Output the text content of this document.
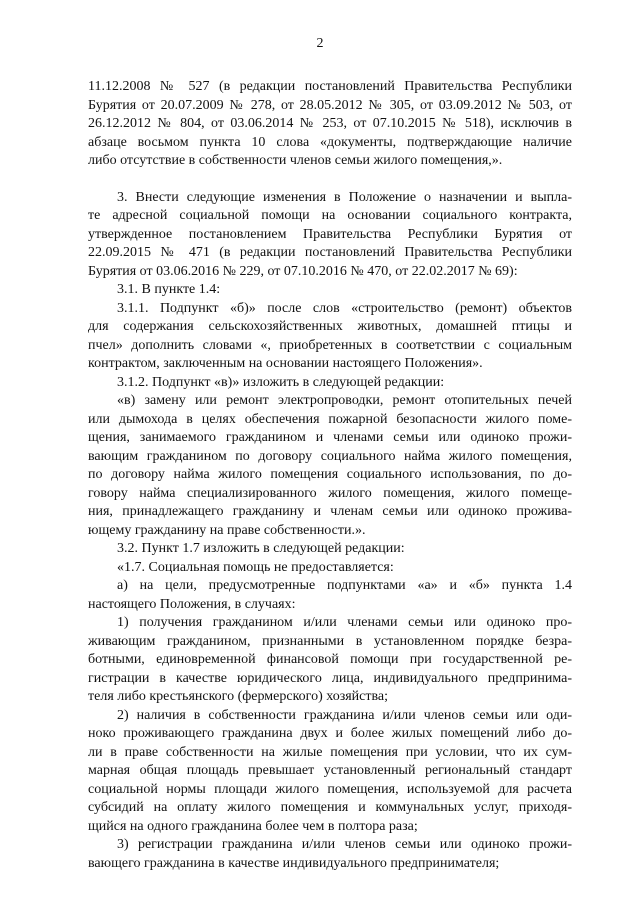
2
11.12.2008 № 527 (в редакции постановлений Правительства Республики
Бурятия от 20.07.2009 № 278, от 28.05.2012 № 305, от 03.09.2012 № 503, от
26.12.2012 № 804, от 03.06.2014 № 253, от 07.10.2015 № 518), исключив в
абзаце восьмом пункта 10 слова «документы, подтверждающие наличие
либо отсутствие в собственности членов семьи жилого помещения,».
3. Внести следующие изменения в Положение о назначении и выпла-
те адресной социальной помощи на основании социального контракта,
утвержденное постановлением Правительства Республики Бурятия от
22.09.2015 № 471 (в редакции постановлений Правительства Республики
Бурятия от 03.06.2016 № 229, от 07.10.2016 № 470, от 22.02.2017 № 69):
3.1. В пункте 1.4:
3.1.1. Подпункт «б)» после слов «строительство (ремонт) объектов
для содержания сельскохозяйственных животных, домашней птицы и
пчел» дополнить словами «, приобретенных в соответствии с социальным
контрактом, заключенным на основании настоящего Положения».
3.1.2. Подпункт «в)» изложить в следующей редакции:
«в) замену или ремонт электропроводки, ремонт отопительных печей
или дымохода в целях обеспечения пожарной безопасности жилого поме-
щения, занимаемого гражданином и членами семьи или одиноко прожи-
вающим гражданином по договору социального найма жилого помещения,
по договору найма жилого помещения социального использования, по до-
говору найма специализированного жилого помещения, жилого помеще-
ния, принадлежащего гражданину и членам семьи или одиноко прожива-
ющему гражданину на праве собственности.».
3.2. Пункт 1.7 изложить в следующей редакции:
«1.7. Социальная помощь не предоставляется:
а) на цели, предусмотренные подпунктами «а» и «б» пункта 1.4
настоящего Положения, в случаях:
1) получения гражданином и/или членами семьи или одиноко про-
живающим гражданином, признанными в установленном порядке безра-
ботными, единовременной финансовой помощи при государственной ре-
гистрации в качестве юридического лица, индивидуального предпринима-
теля либо крестьянского (фермерского) хозяйства;
2) наличия в собственности гражданина и/или членов семьи или оди-
ноко проживающего гражданина двух и более жилых помещений либо до-
ли в праве собственности на жилые помещения при условии, что их сум-
марная общая площадь превышает установленный региональный стандарт
социальной нормы площади жилого помещения, используемой для расчета
субсидий на оплату жилого помещения и коммунальных услуг, приходя-
щийся на одного гражданина более чем в полтора раза;
3) регистрации гражданина и/или членов семьи или одиноко прожи-
вающего гражданина в качестве индивидуального предпринимателя;
